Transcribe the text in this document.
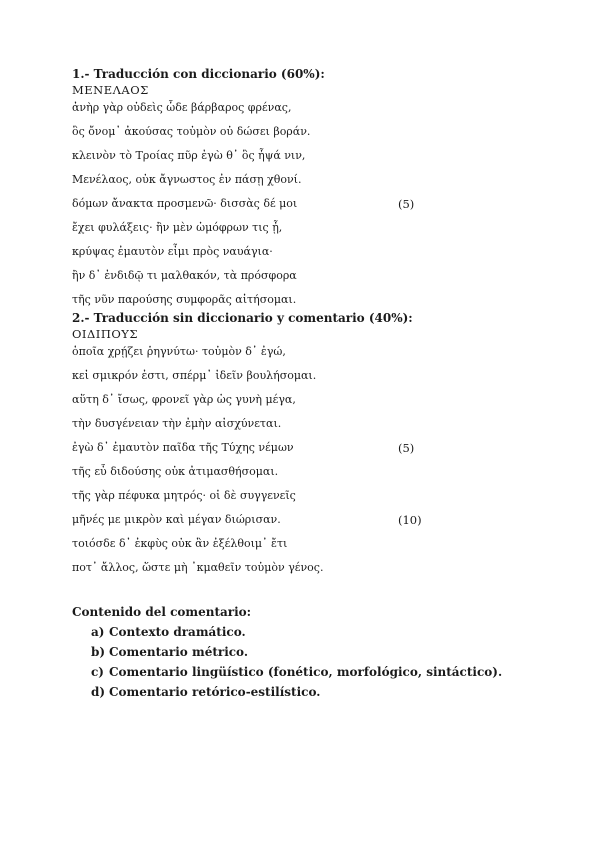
1.- Traducción con diccionario (60%):
ΜΕΝΕΛΑΟΣ
ἀνὴρ γὰρ οὐδεὶς ὧδε βάρβαρος φρένας,
ὃς ὄνομ᾽ ἀκούσας τοὐμὸν οὐ δώσει βοράν.
κλεινὸν τὸ Τροίας πῦρ ἐγὼ θ᾽ ὃς ἧψά νιν,
Μενέλαος, οὐκ ἄγνωστος ἐν πάσῃ χθονί.
δόμων ἄνακτα προσμενῶ· δισσὰς δέ μοι	(5)
ἔχει φυλάξεις· ἢν μὲν ὠμόφρων τις ᾖ,
κρύψας ἐμαυτὸν εἶμι πρὸς ναυάγια·
ἢν δ᾽ ἐνδιδῷ τι μαλθακόν, τὰ πρόσφορα
τῆς νῦν παρούσης συμφορᾶς αἰτήσομαι.
2.- Traducción sin diccionario y comentario (40%):
ΟΙΔΙΠΟΥΣ
ὁποῖα χρῄζει ῥηγνύτω· τοὐμὸν δ᾽ ἐγώ,
κεἰ σμικρόν ἐστι, σπέρμ᾽ ἰδεῖν βουλήσομαι.
αὕτη δ᾽ ἴσως, φρονεῖ γὰρ ὡς γυνὴ μέγα,
τὴν δυσγένειαν τὴν ἐμὴν αἰσχύνεται.
ἐγὼ δ᾽ ἐμαυτὸν παῖδα τῆς Τύχης νέμων	(5)
τῆς εὖ διδούσης οὐκ ἀτιμασθήσομαι.
τῆς γὰρ πέφυκα μητρός· οἱ δὲ συγγενεῖς
μῆνές με μικρὸν καὶ μέγαν διώρισαν.	(10)
τοιόσδε δ᾽ ἐκφὺς οὐκ ἂν ἐξέλθοιμ᾽ ἔτι
ποτ᾽ ἄλλος, ὥστε μὴ ᾽κμαθεῖν τοὐμὸν γένος.
Contenido del comentario:
a) Contexto dramático.
b) Comentario métrico.
c) Comentario lingüístico (fonético, morfológico, sintáctico).
d) Comentario retórico-estilístico.
